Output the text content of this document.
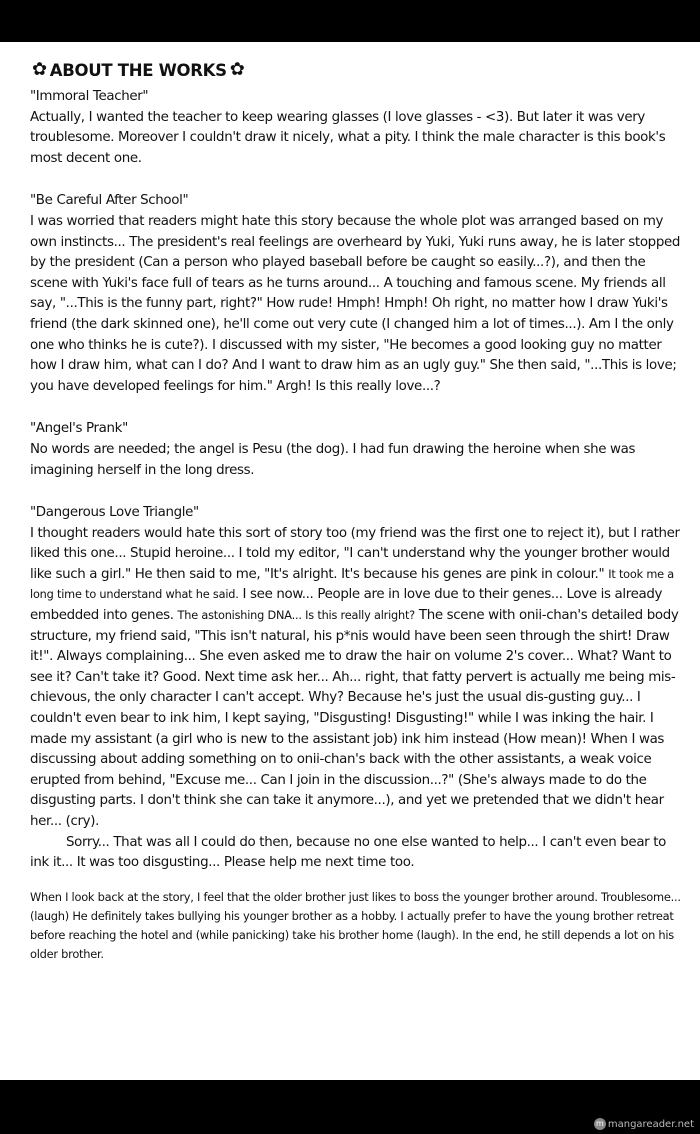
✿ ABOUT THE WORKS ✿

"Immoral Teacher"

Actually, I wanted the teacher to keep wearing glasses (I love glasses - <3). But later it was very troublesome. Moreover I couldn't draw it nicely, what a pity. I think the male character is this book's most decent one.

"Be Careful After School"

I was worried that readers might hate this story because the whole plot was arranged based on my own instincts... The president's real feelings are overheard by Yuki, Yuki runs away, he is later stopped by the president (Can a person who played baseball before be caught so easily...?), and then the scene with Yuki's face full of tears as he turns around... A touching and famous scene. My friends all say, "...This is the funny part, right?" How rude! Hmph! Hmph! Oh right, no matter how I draw Yuki's friend (the dark skinned one), he'll come out very cute (I changed him a lot of times...). Am I the only one who thinks he is cute?). I discussed with my sister, "He becomes a good looking guy no matter how I draw him, what can I do? And I want to draw him as an ugly guy." She then said, "...This is love; you have developed feelings for him." Argh! Is this really love...?

"Angel's Prank"

No words are needed; the angel is Pesu (the dog). I had fun drawing the heroine when she was imagining herself in the long dress.

"Dangerous Love Triangle"

I thought readers would hate this sort of story too (my friend was the first one to reject it), but I rather liked this one... Stupid heroine... I told my editor, "I can't understand why the younger brother would like such a girl." He then said to me, "It's alright. It's because his genes are pink in colour." It took me a long time to understand what he said. I see now... People are in love due to their genes... Love is already embedded into genes. The astonishing DNA... Is this really alright? The scene with onii-chan's detailed body structure, my friend said, "This isn't natural, his p*nis would have been seen through the shirt! Draw it!". Always complaining... She even asked me to draw the hair on volume 2's cover... What? Want to see it? Can't take it? Good. Next time ask her... Ah... right, that fatty pervert is actually me being mis-chievous, the only character I can't accept. Why? Because he's just the usual dis-gusting guy... I couldn't even bear to ink him, I kept saying, "Disgusting! Disgusting!" while I was inking the hair. I made my assistant (a girl who is new to the assistant job) ink him instead (How mean)! When I was discussing about adding something on to onii-chan's back with the other assistants, a weak voice erupted from behind, "Excuse me... Can I join in the discussion...?" (She's always made to do the disgusting parts. I don't think she can take it anymore...), and yet we pretended that we didn't hear her... (cry).

Sorry... That was all I could do then, because no one else wanted to help... I can't even bear to ink it... It was too disgusting... Please help me next time too.

When I look back at the story, I feel that the older brother just likes to boss the younger brother around. Troublesome... (laugh) He definitely takes bullying his younger brother as a hobby. I actually prefer to have the young brother retreat before reaching the hotel and (while panicking) take his brother home (laugh). In the end, he still depends a lot on his older brother.

m mangareader.net
